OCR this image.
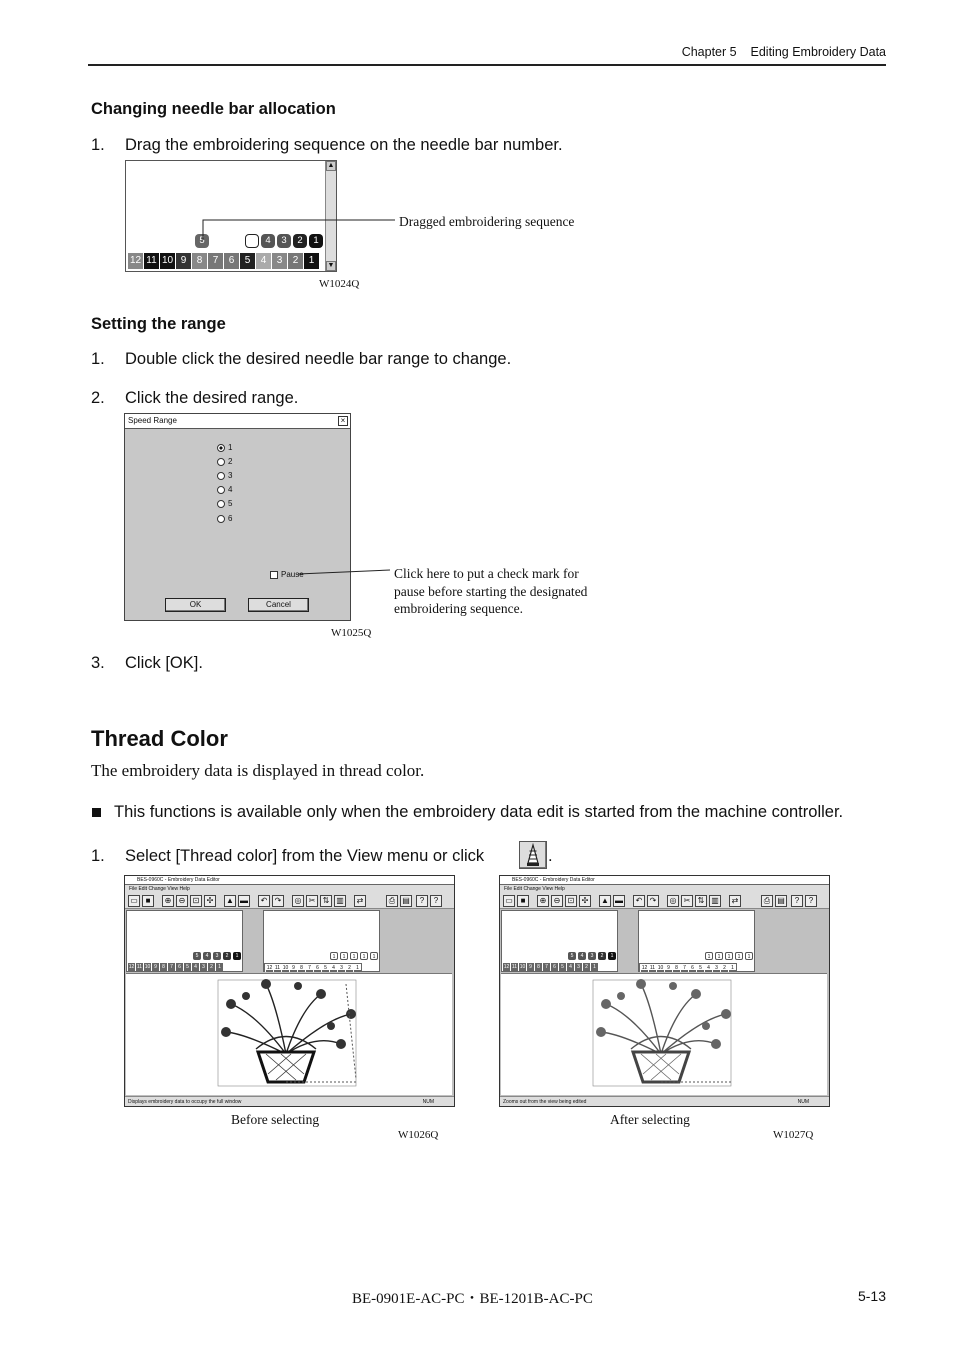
Chapter 5 Editing Embroidery Data
Changing needle bar allocation
1. Drag the embroidering sequence on the needle bar number.
▲
▼
5	4	3	2	1
12 11 10 9	8	7	6	5	4	3	2	1
Dragged embroidering sequence
W1024Q
Setting the range
1. Double click the desired needle bar range to change.
2. Click the desired range.
Speed Range	×
1
2
3
4
5
6
Pause
OK	Cancel
Click here to put a check mark for
pause before starting the designated
embroidering sequence.
W1025Q
3. Click [OK].
Thread Color
The embroidery data is displayed in thread color.
This functions is available only when the embroidery data edit is started from the machine controller.
1. Select [Thread color] from the View menu or click	.
BES-0960C - Embroidery Data Editor
File Edit Change View Help
▭ ■	⊕ ⊖ ⊡ ✣	▲ ▬	↶ ↷	◎ ✂ ⇅ ▥	⇄	⎙ ▤	?	?
5	4	3	2	1
12 11 10 9	8	7	6	5	4	3	2	1
1	1	1	1	1
12 11 10 9	8	7	6	5	4	3	2	1
Displays embroidery data to occupy the full window	NUM
Before selecting
W1026Q
BES-0960C - Embroidery Data Editor
File Edit Change View Help
▭ ■	⊕ ⊖ ⊡ ✣	▲ ▬	↶ ↷	◎ ✂ ⇅ ▥	⇄	⎙ ▤	?	?
5	4	3	2	1
12 11 10 9	8	7	6	5	4	3	2	1
1	1	1	1	1
12 11 10 9	8	7	6	5	4	3	2	1
Zooms out from the view being edited	NUM
After selecting
W1027Q
BE-0901E-AC-PC・BE-1201B-AC-PC	5-13
